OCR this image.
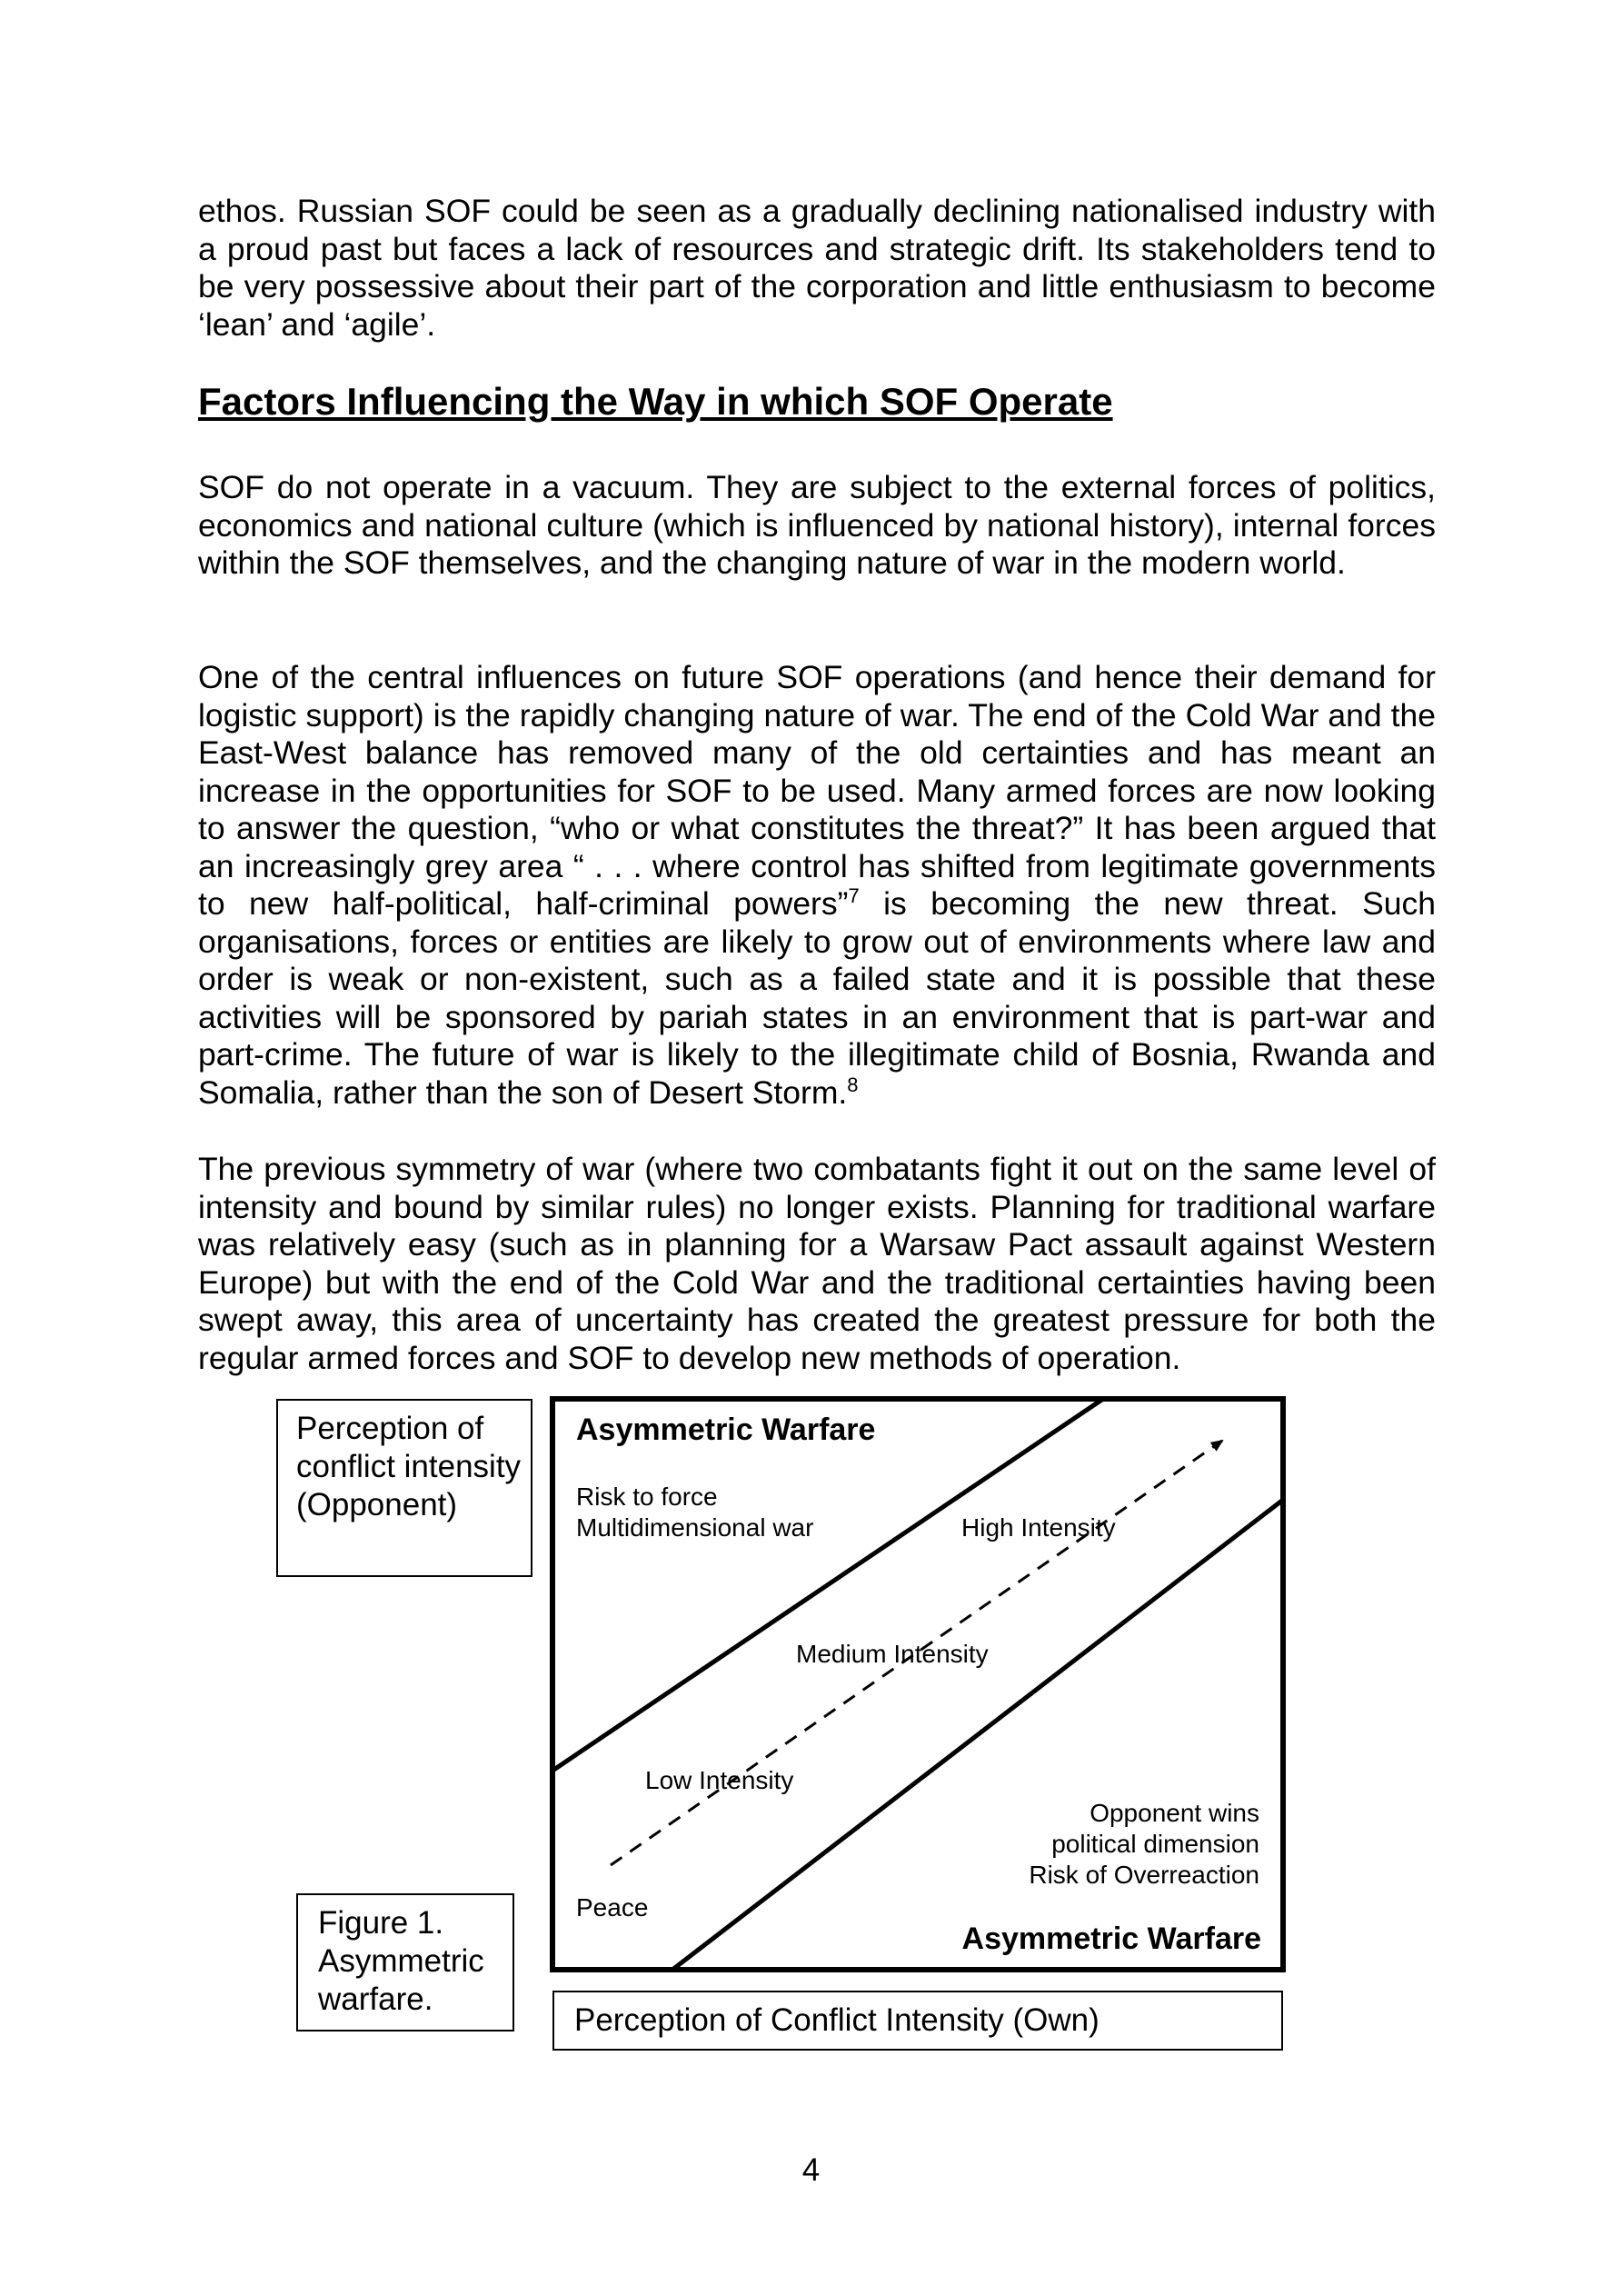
ethos. Russian SOF could be seen as a gradually declining nationalised industry with a proud past but faces a lack of resources and strategic drift. Its stakeholders tend to be very possessive about their part of the corporation and little enthusiasm to become ‘lean’ and ‘agile’.

Factors Influencing the Way in which SOF Operate

SOF do not operate in a vacuum. They are subject to the external forces of politics, economics and national culture (which is influenced by national history), internal forces within the SOF themselves, and the changing nature of war in the modern world.

One of the central influences on future SOF operations (and hence their demand for logistic support) is the rapidly changing nature of war. The end of the Cold War and the East-West balance has removed many of the old certainties and has meant an increase in the opportunities for SOF to be used. Many armed forces are now looking to answer the question, “who or what constitutes the threat?” It has been argued that an increasingly grey area “ . . . where control has shifted from legitimate governments to new half-political, half-criminal powers”$^7$ is becoming the new threat. Such organisations, forces or entities are likely to grow out of environments where law and order is weak or non-existent, such as a failed state and it is possible that these activities will be sponsored by pariah states in an environment that is part-war and part-crime. The future of war is likely to the illegitimate child of Bosnia, Rwanda and Somalia, rather than the son of Desert Storm.$^8$

The previous symmetry of war (where two combatants fight it out on the same level of intensity and bound by similar rules) no longer exists. Planning for traditional warfare was relatively easy (such as in planning for a Warsaw Pact assault against Western Europe) but with the end of the Cold War and the traditional certainties having been swept away, this area of uncertainty has created the greatest pressure for both the regular armed forces and SOF to develop new methods of operation.

Perception of conflict intensity (Opponent)
Figure 1. Asymmetric warfare.
Perception of Conflict Intensity (Own)
Asymmetric Warfare
Risk to force
Multidimensional war	High Intensity
Medium Intensity
Low Intensity
Peace
Opponent wins
political dimension
Risk of Overreaction
Asymmetric Warfare
4
